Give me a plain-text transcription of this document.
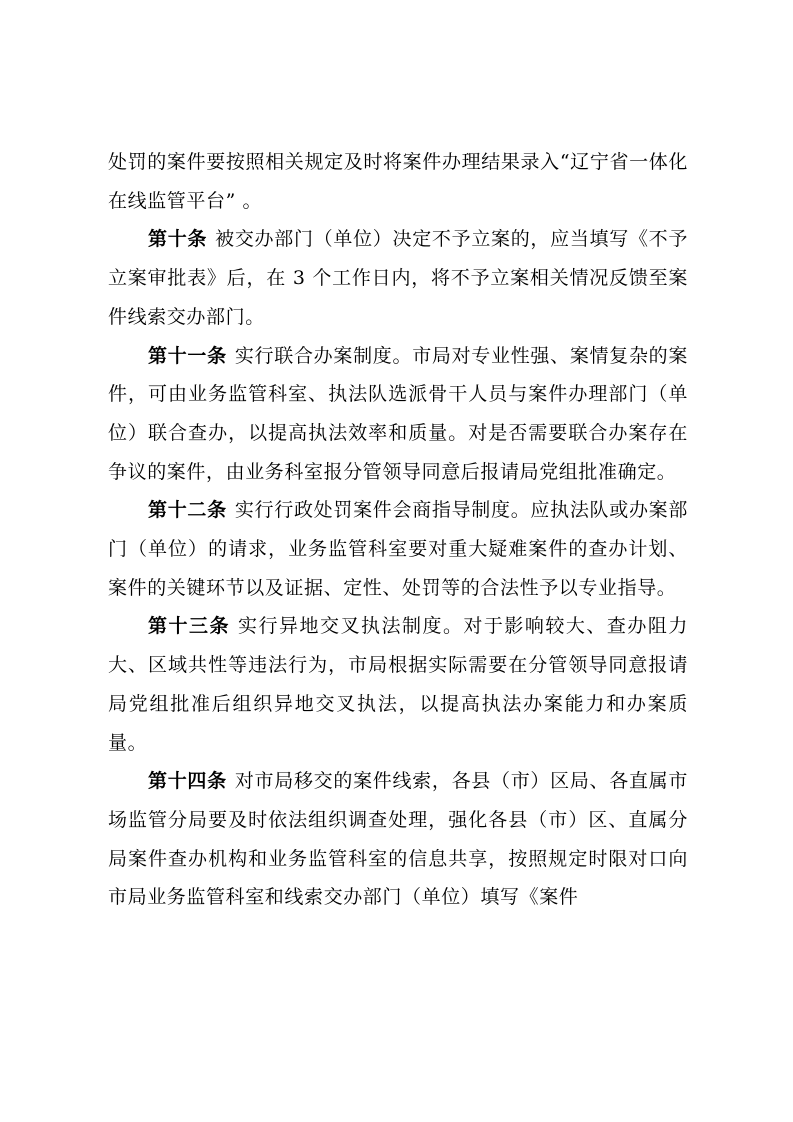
处罚的案件要按照相关规定及时将案件办理结果录入“辽宁省一体化在线监管平台” 。

第十条 被交办部门（单位）决定不予立案的，应当填写《不予立案审批表》后，在 3 个工作日内，将不予立案相关情况反馈至案件线索交办部门。

第十一条 实行联合办案制度。市局对专业性强、案情复杂的案件，可由业务监管科室、执法队选派骨干人员与案件办理部门（单位）联合查办，以提高执法效率和质量。对是否需要联合办案存在争议的案件，由业务科室报分管领导同意后报请局党组批准确定。

第十二条 实行行政处罚案件会商指导制度。应执法队或办案部门（单位）的请求，业务监管科室要对重大疑难案件的查办计划、案件的关键环节以及证据、定性、处罚等的合法性予以专业指导。

第十三条 实行异地交叉执法制度。对于影响较大、查办阻力大、区域共性等违法行为，市局根据实际需要在分管领导同意报请局党组批准后组织异地交叉执法，以提高执法办案能力和办案质量。

第十四条 对市局移交的案件线索，各县（市）区局、各直属市场监管分局要及时依法组织调查处理，强化各县（市）区、直属分局案件查办机构和业务监管科室的信息共享，按照规定时限对口向市局业务监管科室和线索交办部门（单位）填写《案件
